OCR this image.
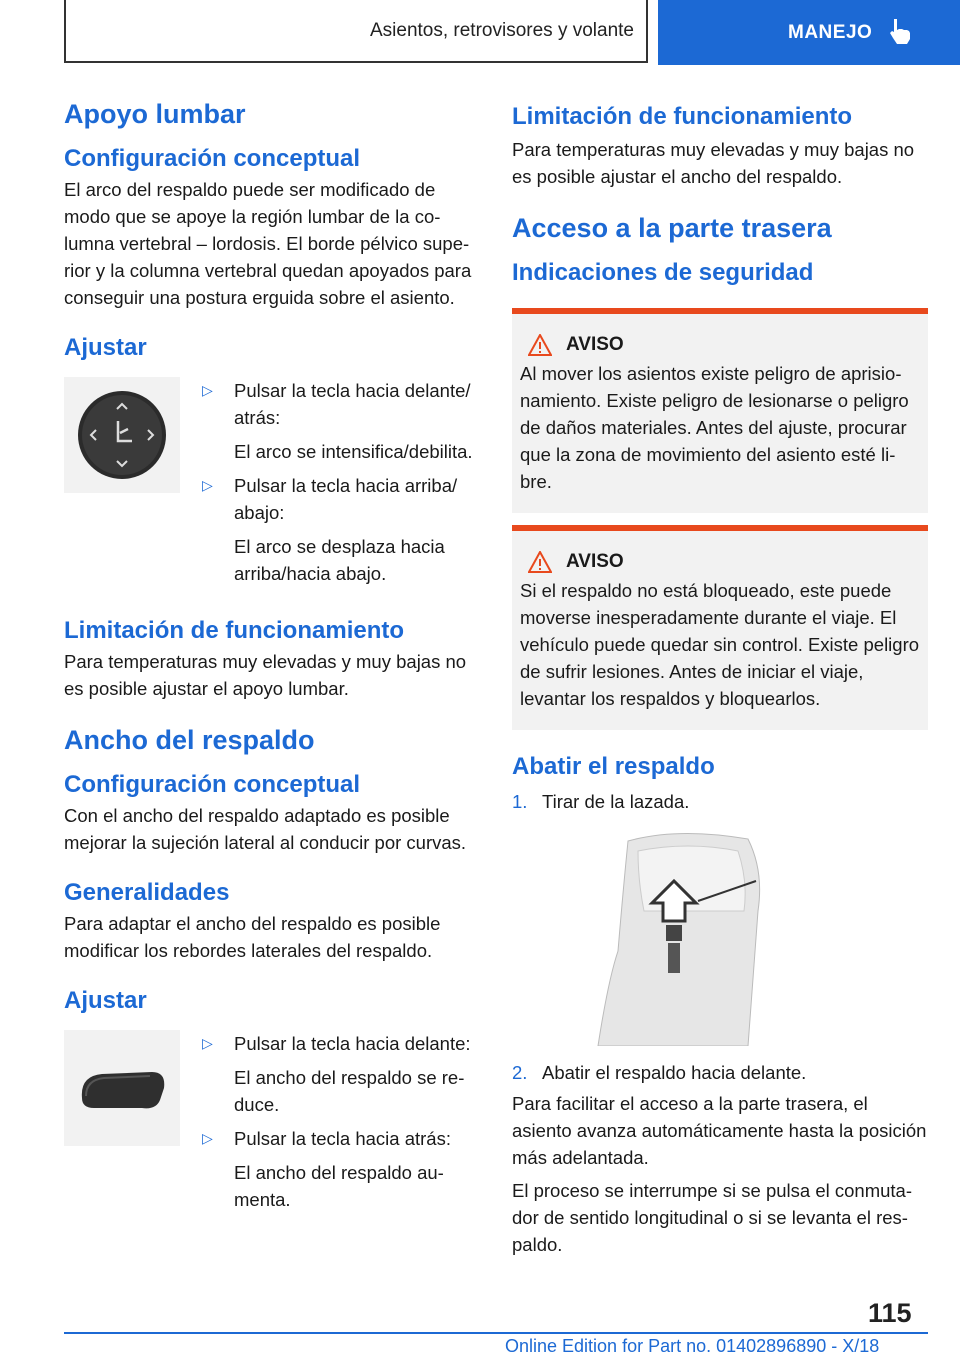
Asientos, retrovisores y volante	MANEJO
Apoyo lumbar
Configuración conceptual

El arco del respaldo puede ser modificado de modo que se apoye la región lumbar de la columna vertebral – lordosis. El borde pélvico superior y la columna vertebral quedan apoyados para conseguir una postura erguida sobre el asiento.

Ajustar
▷	Pulsar la tecla hacia delante/ atrás:
El arco se intensifica/debilita.
▷	Pulsar la tecla hacia arriba/ abajo:
El arco se desplaza hacia arriba/hacia abajo.
Limitación de funcionamiento

Para temperaturas muy elevadas y muy bajas no es posible ajustar el apoyo lumbar.

Ancho del respaldo
Configuración conceptual

Con el ancho del respaldo adaptado es posible mejorar la sujeción lateral al conducir por curvas.

Generalidades

Para adaptar el ancho del respaldo es posible modificar los rebordes laterales del respaldo.

Ajustar
▷	Pulsar la tecla hacia delante:
El ancho del respaldo se reduce.
▷	Pulsar la tecla hacia atrás:
El ancho del respaldo aumenta.
Limitación de funcionamiento

Para temperaturas muy elevadas y muy bajas no es posible ajustar el ancho del respaldo.

Acceso a la parte trasera
Indicaciones de seguridad
AVISO

Al mover los asientos existe peligro de aprisionamiento. Existe peligro de lesionarse o peligro de daños materiales. Antes del ajuste, procurar que la zona de movimiento del asiento esté libre.

AVISO

Si el respaldo no está bloqueado, este puede moverse inesperadamente durante el viaje. El vehículo puede quedar sin control. Existe peligro de sufrir lesiones. Antes de iniciar el viaje, levantar los respaldos y bloquearlos.

Abatir el respaldo
1. Tirar de la lazada.
2. Abatir el respaldo hacia delante.

Para facilitar el acceso a la parte trasera, el asiento avanza automáticamente hasta la posición más adelantada.

El proceso se interrumpe si se pulsa el conmutador de sentido longitudinal o si se levanta el respaldo.

115
Online Edition for Part no. 01402896890 - X/18
